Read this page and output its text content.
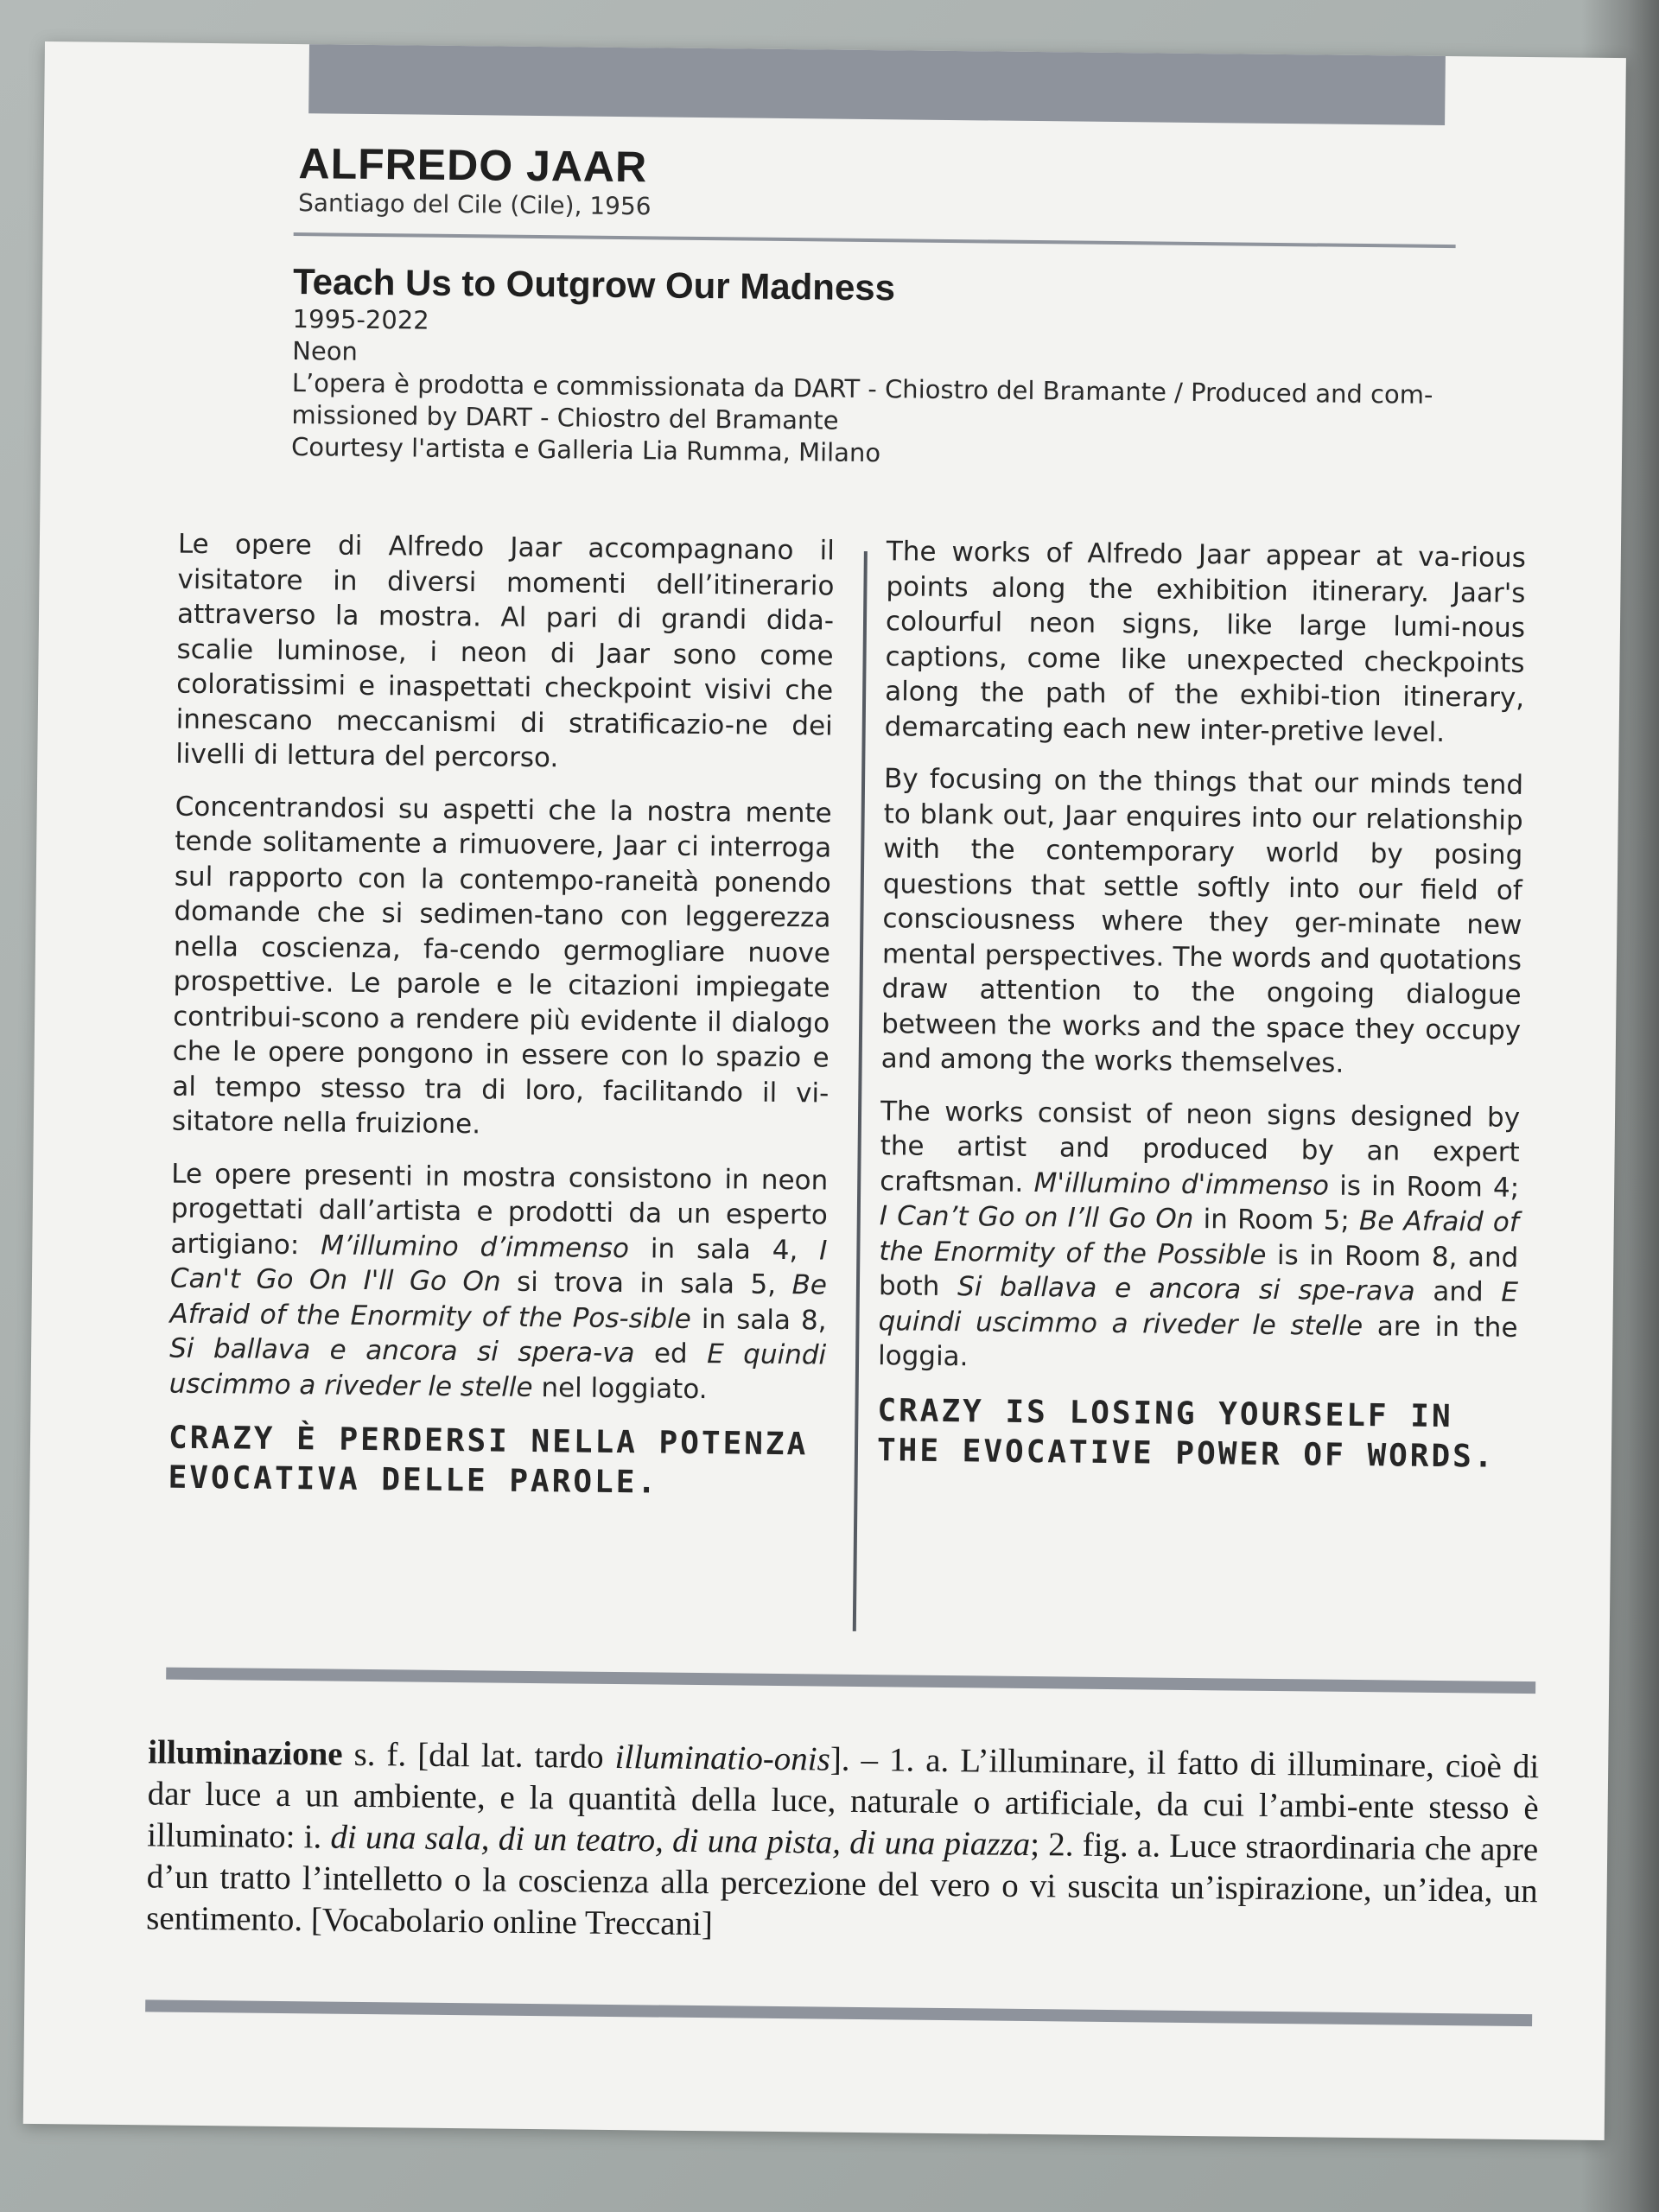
ALFREDO JAAR
Santiago del Cile (Cile), 1956
Teach Us to Outgrow Our Madness
1995-2022
Neon
L’opera è prodotta e commissionata da DART - Chiostro del Bramante / Produced and com-
missioned by DART - Chiostro del Bramante
Courtesy l'artista e Galleria Lia Rumma, Milano

Le opere di Alfredo Jaar accompagnano il visitatore in diversi momenti dell’itinerario attraverso la mostra. Al pari di grandi dida-scalie luminose, i neon di Jaar sono come coloratissimi e inaspettati checkpoint visivi che innescano meccanismi di stratificazio-ne dei livelli di lettura del percorso.

Concentrandosi su aspetti che la nostra mente tende solitamente a rimuovere, Jaar ci interroga sul rapporto con la contempo-raneità ponendo domande che si sedimen-tano con leggerezza nella coscienza, fa-cendo germogliare nuove prospettive. Le parole e le citazioni impiegate contribui-scono a rendere più evidente il dialogo che le opere pongono in essere con lo spazio e al tempo stesso tra di loro, facilitando il vi-sitatore nella fruizione.

Le opere presenti in mostra consistono in neon progettati dall’artista e prodotti da un esperto artigiano: M’illumino d’immenso in sala 4, I Can't Go On I'll Go On si trova in sala 5, Be Afraid of the Enormity of the Pos-sible in sala 8, Si ballava e ancora si spera-va ed E quindi uscimmo a riveder le stelle nel loggiato.

CRAZY È PERDERSI NELLA POTENZA EVOCATIVA DELLE PAROLE.

The works of Alfredo Jaar appear at va-rious points along the exhibition itinerary. Jaar's colourful neon signs, like large lumi-nous captions, come like unexpected checkpoints along the path of the exhibi-tion itinerary, demarcating each new inter-pretive level.

By focusing on the things that our minds tend to blank out, Jaar enquires into our relationship with the contemporary world by posing questions that settle softly into our field of consciousness where they ger-minate new mental perspectives. The words and quotations draw attention to the ongoing dialogue between the works and the space they occupy and among the works themselves.

The works consist of neon signs designed by the artist and produced by an expert craftsman. M'illumino d'immenso is in Room 4; I Can’t Go on I’ll Go On in Room 5; Be Afraid of the Enormity of the Possible is in Room 8, and both Si ballava e ancora si spe-rava and E quindi uscimmo a riveder le stelle are in the loggia.

CRAZY IS LOSING YOURSELF IN THE EVOCATIVE POWER OF WORDS.

illuminazione s. f. [dal lat. tardo illuminatio-onis]. – 1. a. L’illuminare, il fatto di illuminare, cioè di dar luce a un ambiente, e la quantità della luce, naturale o artificiale, da cui l’ambi-ente stesso è illuminato: i. di una sala, di un teatro, di una pista, di una piazza; 2. fig. a. Luce straordinaria che apre d’un tratto l’intelletto o la coscienza alla percezione del vero o vi suscita un’ispirazione, un’idea, un sentimento. [Vocabolario online Treccani]
